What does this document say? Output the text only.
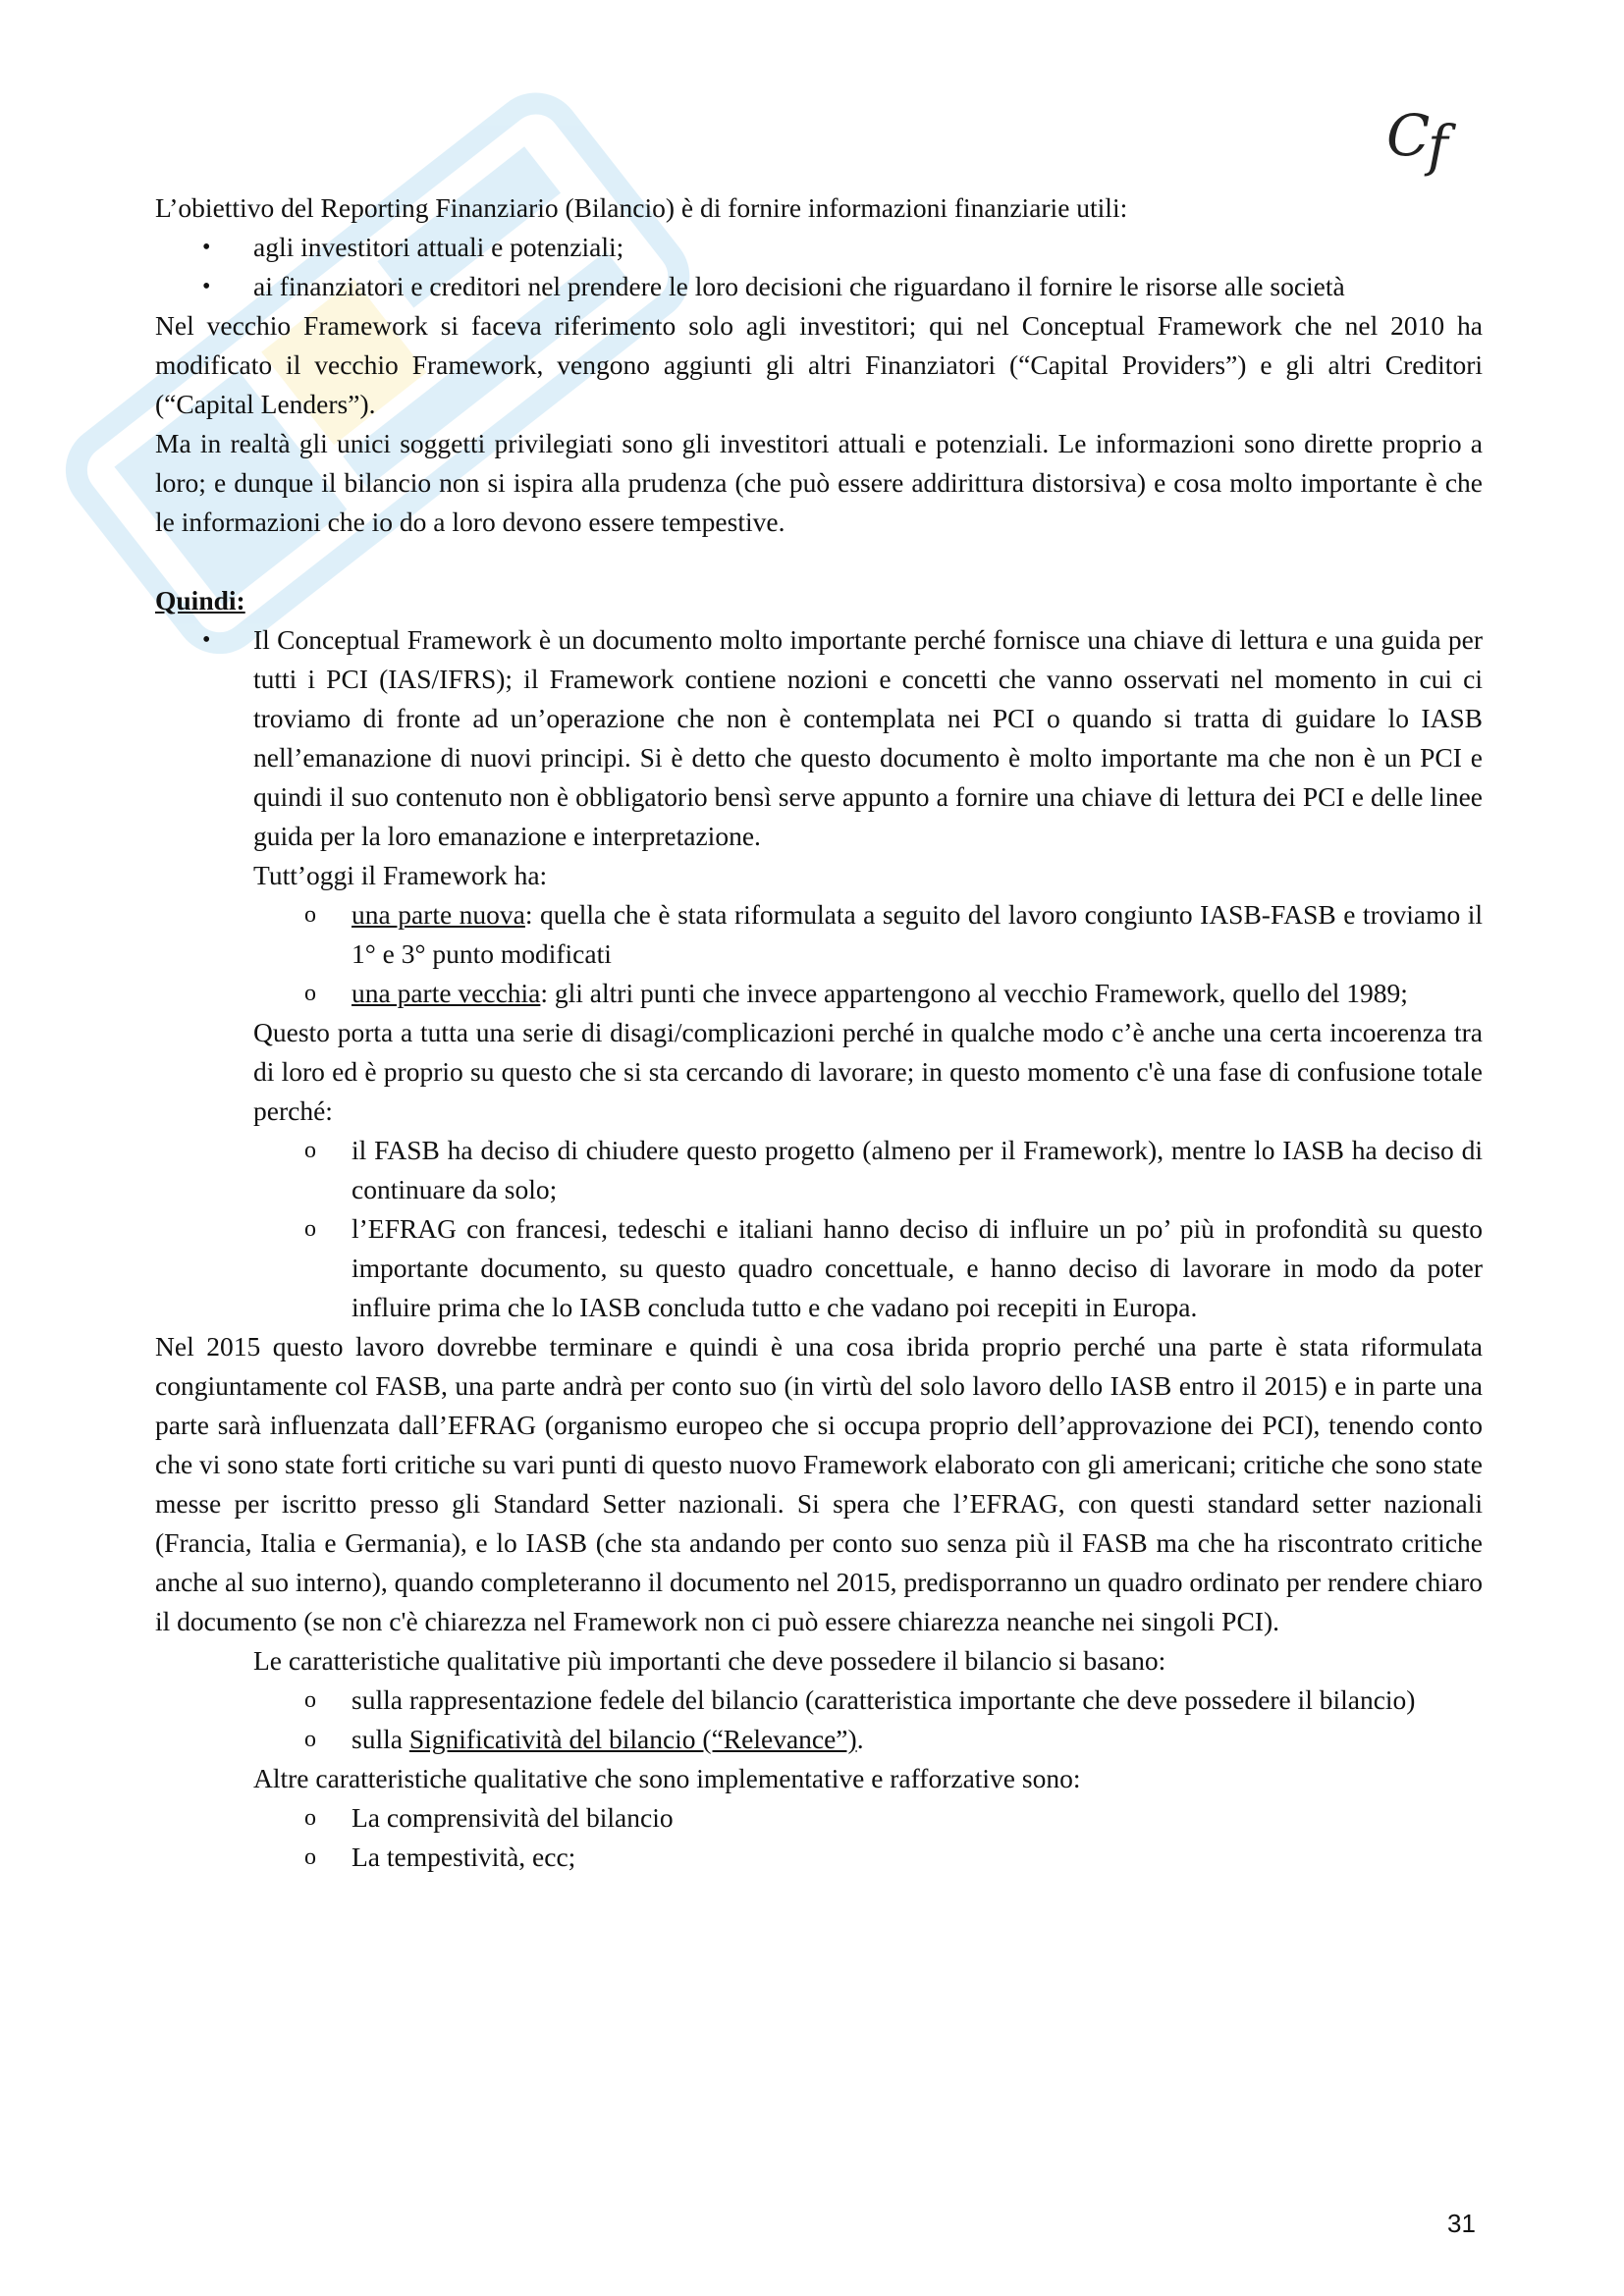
C
f

L’obiettivo del Reporting Finanziario (Bilancio) è di fornire informazioni finanziarie utili:

• agli investitori attuali e potenziali;
• ai finanziatori e creditori nel prendere le loro decisioni che riguardano il fornire le risorse alle società

Nel vecchio Framework si faceva riferimento solo agli investitori; qui nel Conceptual Framework che nel 2010 ha modificato il vecchio Framework, vengono aggiunti gli altri Finanziatori (“Capital Providers”) e gli altri Creditori (“Capital Lenders”).

Ma in realtà gli unici soggetti privilegiati sono gli investitori attuali e potenziali. Le informazioni sono dirette proprio a loro; e dunque il bilancio non si ispira alla prudenza (che può essere addirittura distorsiva) e cosa molto importante è che le informazioni che io do a loro devono essere tempestive.

Quindi:

• Il Conceptual Framework è un documento molto importante perché fornisce una chiave di lettura e una guida per tutti i PCI (IAS/IFRS); il Framework contiene nozioni e concetti che vanno osservati nel momento in cui ci troviamo di fronte ad un’operazione che non è contemplata nei PCI o quando si tratta di guidare lo IASB nell’emanazione di nuovi principi. Si è detto che questo documento è molto importante ma che non è un PCI e quindi il suo contenuto non è obbligatorio bensì serve appunto a fornire una chiave di lettura dei PCI e delle linee guida per la loro emanazione e interpretazione.

Tutt’oggi il Framework ha:

o una parte nuova: quella che è stata riformulata a seguito del lavoro congiunto IASB-FASB e troviamo il 1° e 3° punto modificati
o una parte vecchia: gli altri punti che invece appartengono al vecchio Framework, quello del 1989;

Questo porta a tutta una serie di disagi/complicazioni perché in qualche modo c’è anche una certa incoerenza tra di loro ed è proprio su questo che si sta cercando di lavorare; in questo momento c'è una fase di confusione totale perché:

o il FASB ha deciso di chiudere questo progetto (almeno per il Framework), mentre lo IASB ha deciso di continuare da solo;
o l’EFRAG con francesi, tedeschi e italiani hanno deciso di influire un po’ più in profondità su questo importante documento, su questo quadro concettuale, e hanno deciso di lavorare in modo da poter influire prima che lo IASB concluda tutto e che vadano poi recepiti in Europa.

Nel 2015 questo lavoro dovrebbe terminare e quindi è una cosa ibrida proprio perché una parte è stata riformulata congiuntamente col FASB, una parte andrà per conto suo (in virtù del solo lavoro dello IASB entro il 2015) e in parte una parte sarà influenzata dall’EFRAG (organismo europeo che si occupa proprio dell’approvazione dei PCI), tenendo conto che vi sono state forti critiche su vari punti di questo nuovo Framework elaborato con gli americani; critiche che sono state messe per iscritto presso gli Standard Setter nazionali. Si spera che l’EFRAG, con questi standard setter nazionali (Francia, Italia e Germania), e lo IASB (che sta andando per conto suo senza più il FASB ma che ha riscontrato critiche anche al suo interno), quando completeranno il documento nel 2015, predisporranno un quadro ordinato per rendere chiaro il documento (se non c'è chiarezza nel Framework non ci può essere chiarezza neanche nei singoli PCI).

Le caratteristiche qualitative più importanti che deve possedere il bilancio si basano:

o sulla rappresentazione fedele del bilancio (caratteristica importante che deve possedere il bilancio)
o sulla Significatività del bilancio (“Relevance”).

Altre caratteristiche qualitative che sono implementative e rafforzative sono:

o La comprensività del bilancio
o La tempestività, ecc;
31
